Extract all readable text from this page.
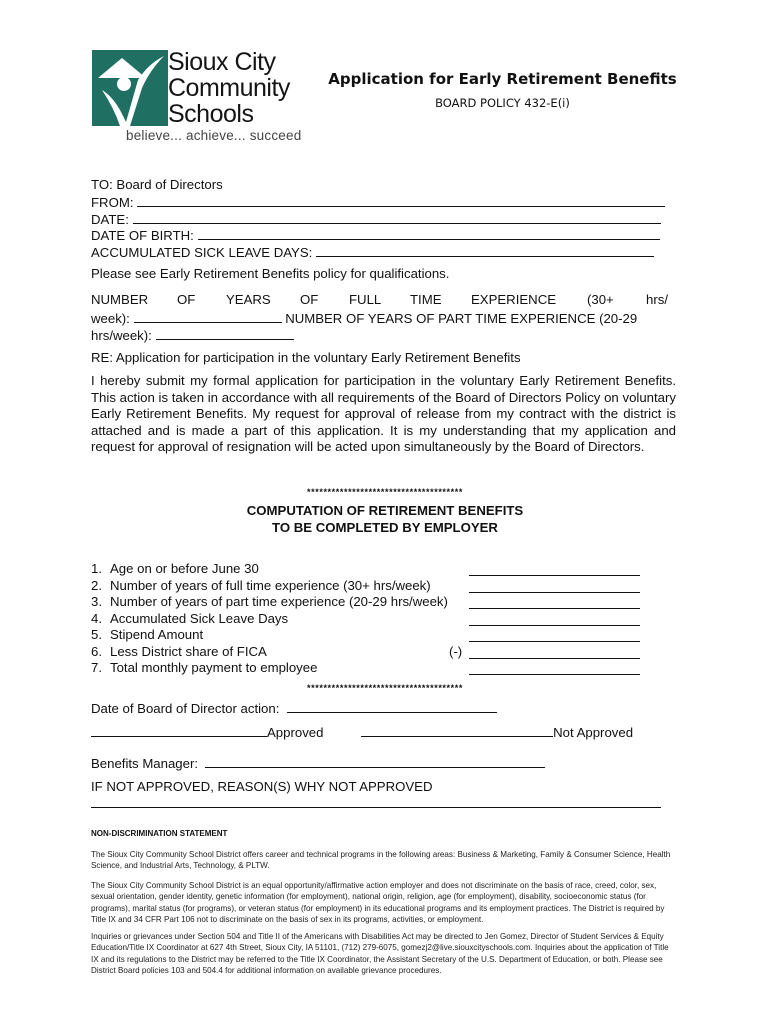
Sioux City
Community
Schools
believe... achieve... succeed
Application for Early Retirement Benefits
BOARD POLICY 432-E(i)
TO: Board of Directors
FROM:
DATE:
DATE OF BIRTH:
ACCUMULATED SICK LEAVE DAYS:
Please see Early Retirement Benefits policy for qualifications.
NUMBER OF YEARS OF FULL TIME EXPERIENCE (30+ hrs/
week):	NUMBER OF YEARS OF PART TIME EXPERIENCE (20-29
hrs/week):
RE: Application for participation in the voluntary Early Retirement Benefits
I hereby submit my formal application for participation in the voluntary Early Retirement Benefits. This action is taken in accordance with all requirements of the Board of Directors Policy on voluntary Early Retirement Benefits. My request for approval of release from my contract with the district is attached and is made a part of this application. It is my understanding that my application and request for approval of resignation will be acted upon simultaneously by the Board of Directors.
**************************************
COMPUTATION OF RETIREMENT BENEFITS
TO BE COMPLETED BY EMPLOYER
1. Age on or before June 30
2. Number of years of full time experience (30+ hrs/week)
3. Number of years of part time experience (20-29 hrs/week)
4. Accumulated Sick Leave Days
5. Stipend Amount
6. Less District share of FICA	(-)
7. Total monthly payment to employee
**************************************
Date of Board of Director action:
Approved	Not Approved
Benefits Manager:
IF NOT APPROVED, REASON(S) WHY NOT APPROVED
NON-DISCRIMINATION STATEMENT
The Sioux City Community School District offers career and technical programs in the following areas: Business & Marketing, Family & Consumer Science, Health Science, and Industrial Arts, Technology, & PLTW.
The Sioux City Community School District is an equal opportunity/affirmative action employer and does not discriminate on the basis of race, creed, color, sex, sexual orientation, gender identity, genetic information (for employment), national origin, religion, age (for employment), disability, socioeconomic status (for programs), marital status (for programs), or veteran status (for employment) in its educational programs and its employment practices. The District is required by Title IX and 34 CFR Part 106 not to discriminate on the basis of sex in its programs, activities, or employment.
Inquiries or grievances under Section 504 and Title II of the Americans with Disabilities Act may be directed to Jen Gomez, Director of Student Services & Equity Education/Title IX Coordinator at 627 4th Street, Sioux City, IA 51101, (712) 279-6075, gomezj2@live.siouxcityschools.com. Inquiries about the application of Title IX and its regulations to the District may be referred to the Title IX Coordinator, the Assistant Secretary of the U.S. Department of Education, or both. Please see District Board policies 103 and 504.4 for additional information on available grievance procedures.
